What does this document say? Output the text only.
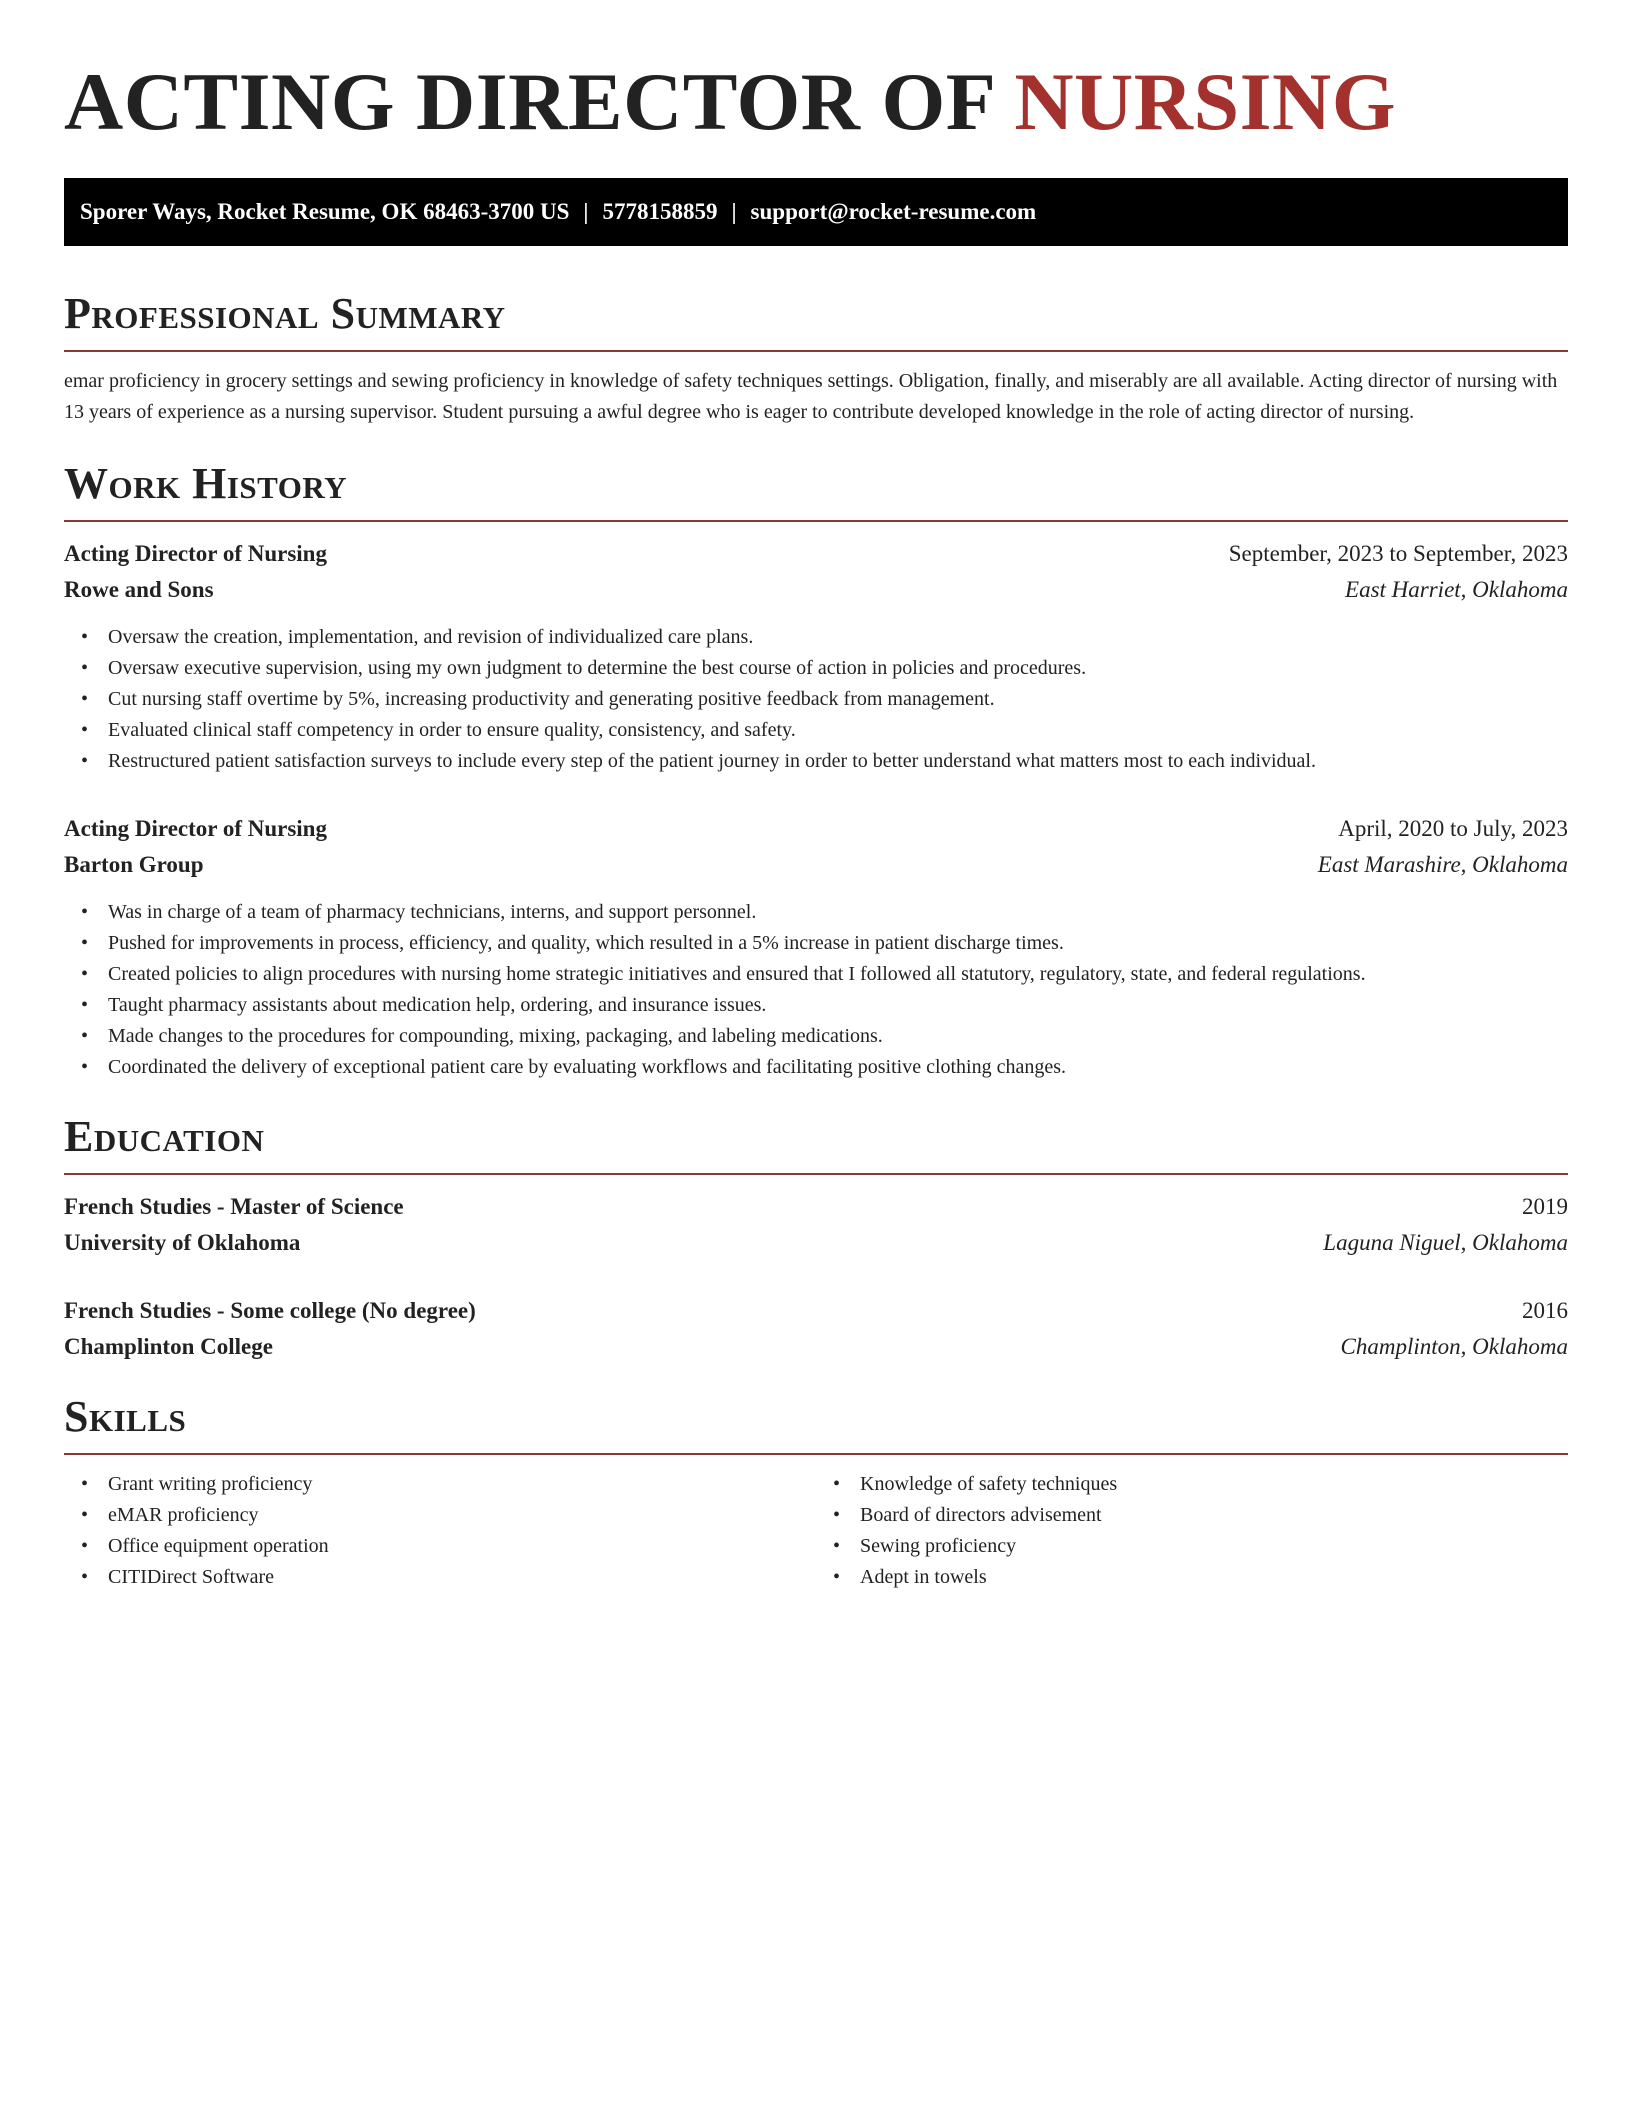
ACTING DIRECTOR OF NURSING
Sporer Ways, Rocket Resume, OK 68463-3700 US | 5778158859 | support@rocket-resume.com
Professional Summary

emar proficiency in grocery settings and sewing proficiency in knowledge of safety techniques settings. Obligation, finally, and miserably are all available. Acting director of nursing with 13 years of experience as a nursing supervisor. Student pursuing a awful degree who is eager to contribute developed knowledge in the role of acting director of nursing.

Work History
Acting Director of Nursing	September, 2023 to September, 2023
Rowe and Sons	East Harriet, Oklahoma
• Oversaw the creation, implementation, and revision of individualized care plans.
• Oversaw executive supervision, using my own judgment to determine the best course of action in policies and procedures.
• Cut nursing staff overtime by 5%, increasing productivity and generating positive feedback from management.
• Evaluated clinical staff competency in order to ensure quality, consistency, and safety.
• Restructured patient satisfaction surveys to include every step of the patient journey in order to better understand what matters most to each individual.
Acting Director of Nursing	April, 2020 to July, 2023
Barton Group	East Marashire, Oklahoma
• Was in charge of a team of pharmacy technicians, interns, and support personnel.
• Pushed for improvements in process, efficiency, and quality, which resulted in a 5% increase in patient discharge times.
• Created policies to align procedures with nursing home strategic initiatives and ensured that I followed all statutory, regulatory, state, and federal regulations.
• Taught pharmacy assistants about medication help, ordering, and insurance issues.
• Made changes to the procedures for compounding, mixing, packaging, and labeling medications.
• Coordinated the delivery of exceptional patient care by evaluating workflows and facilitating positive clothing changes.
Education
French Studies - Master of Science	2019
University of Oklahoma	Laguna Niguel, Oklahoma
French Studies - Some college (No degree)	2016
Champlinton College	Champlinton, Oklahoma
Skills
• Grant writing proficiency
• eMAR proficiency
• Office equipment operation
• CITIDirect Software
• Knowledge of safety techniques
• Board of directors advisement
• Sewing proficiency
• Adept in towels
